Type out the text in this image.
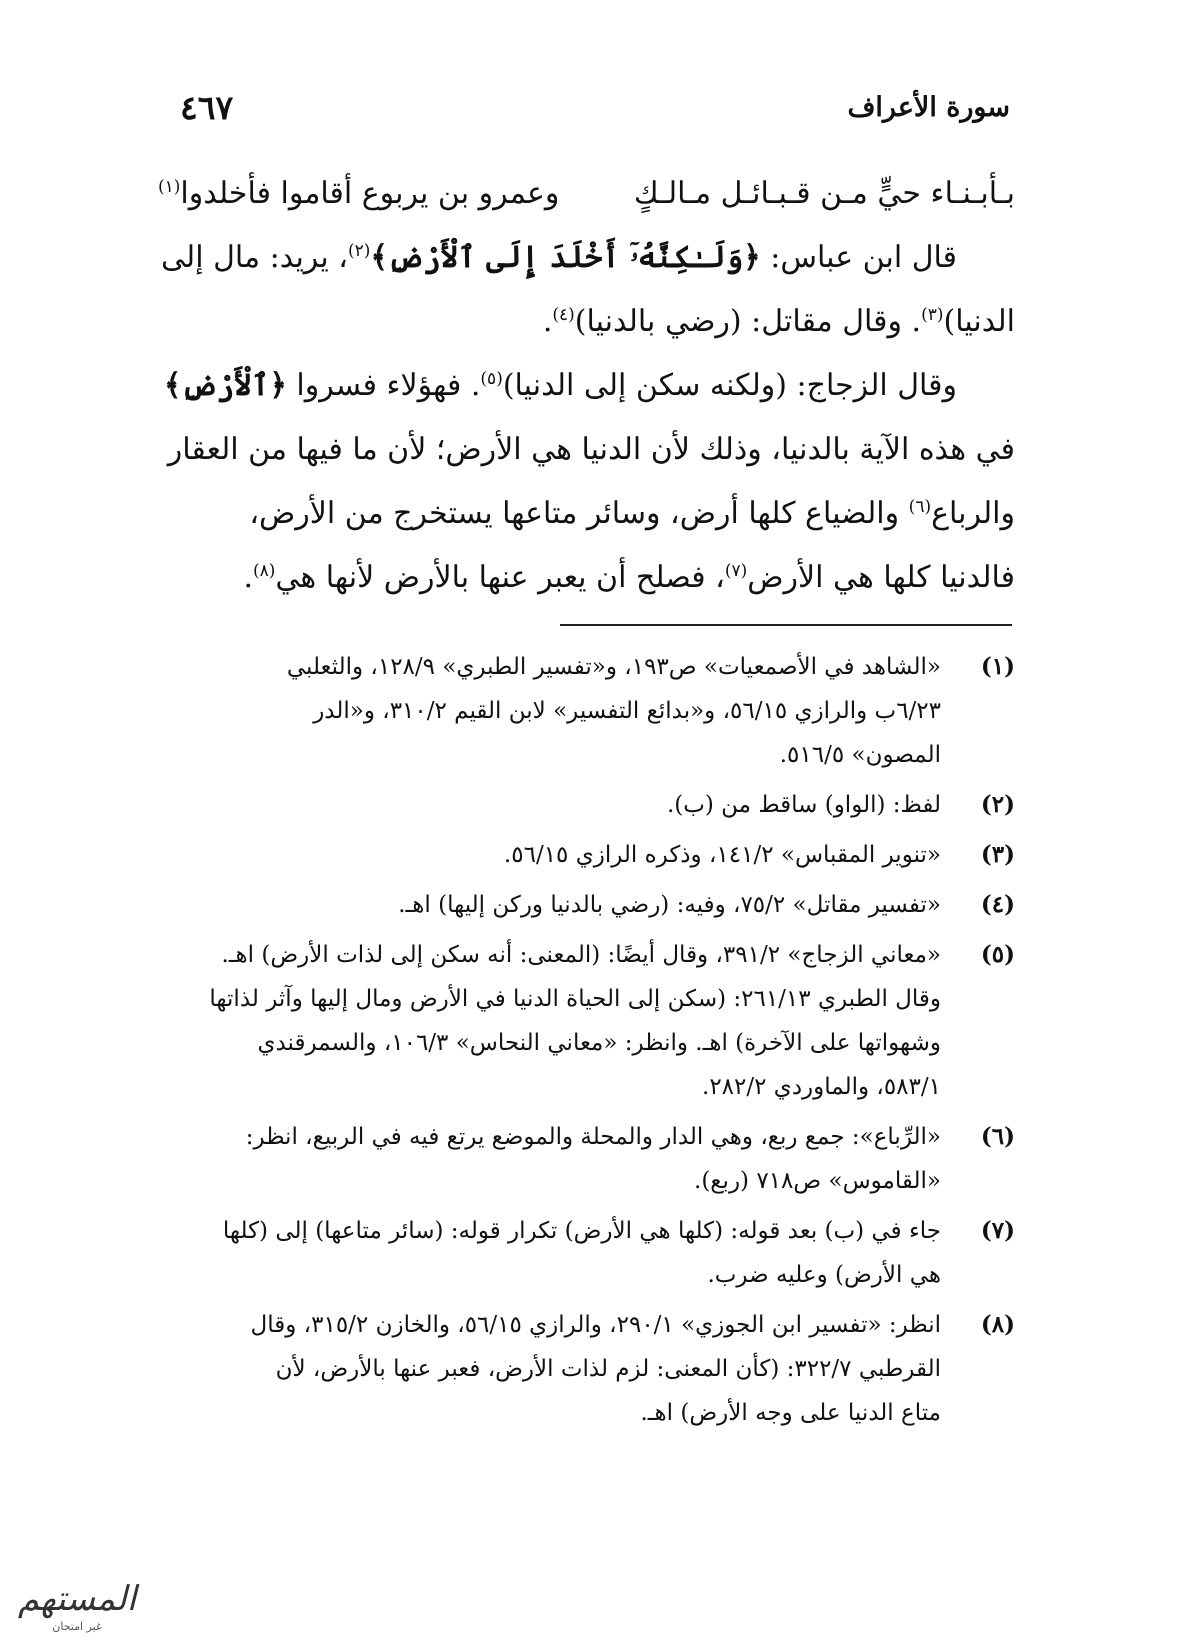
سورة الأعراف
٤٦٧
بـأبـنـاء حيٍّ مـن قـبـائـل مـالـكٍ
وعمرو بن يربوع أقاموا فأخلدوا$^{(١)}$
قال ابن عباس: ﴿وَلَـٰكِنَّهُۥٓ أَخْلَدَ إِلَى ٱلْأَرْضِ﴾$^{(٢)}$، يريد: مال إلى
الدنيا)$^{(٣)}$. وقال مقاتل: (رضي بالدنيا)$^{(٤)}$.
وقال الزجاج: (ولكنه سكن إلى الدنيا)$^{(٥)}$. فهؤلاء فسروا ﴿ٱلْأَرْضِ﴾
في هذه الآية بالدنيا، وذلك لأن الدنيا هي الأرض؛ لأن ما فيها من العقار
والرباع$^{(٦)}$ والضياع كلها أرض، وسائر متاعها يستخرج من الأرض،
فالدنيا كلها هي الأرض$^{(٧)}$، فصلح أن يعبر عنها بالأرض لأنها هي$^{(٨)}$.
(١)
«الشاهد في الأصمعيات» ص١٩٣، و«تفسير الطبري» ١٢٨/٩، والثعلبي
٦/٢٣ب والرازي ٥٦/١٥، و«بدائع التفسير» لابن القيم ٣١٠/٢، و«الدر
المصون» ٥١٦/٥.
(٢)
لفظ: (الواو) ساقط من (ب).
(٣)
«تنوير المقباس» ١٤١/٢، وذكره الرازي ٥٦/١٥.
(٤)
«تفسير مقاتل» ٧٥/٢، وفيه: (رضي بالدنيا وركن إليها) اهـ.
(٥)
«معاني الزجاج» ٣٩١/٢، وقال أيضًا: (المعنى: أنه سكن إلى لذات الأرض) اهـ.
وقال الطبري ٢٦١/١٣: (سكن إلى الحياة الدنيا في الأرض ومال إليها وآثر لذاتها
وشهواتها على الآخرة) اهـ. وانظر: «معاني النحاس» ١٠٦/٣، والسمرقندي
٥٨٣/١، والماوردي ٢٨٢/٢.
(٦)
«الرِّباع»: جمع ربع، وهي الدار والمحلة والموضع يرتع فيه في الربيع، انظر:
«القاموس» ص٧١٨ (ربع).
(٧)
جاء في (ب) بعد قوله: (كلها هي الأرض) تكرار قوله: (سائر متاعها) إلى (كلها
هي الأرض) وعليه ضرب.
(٨)
انظر: «تفسير ابن الجوزي» ٢٩٠/١، والرازي ٥٦/١٥، والخازن ٣١٥/٢، وقال
القرطبي ٣٢٢/٧: (كأن المعنى: لزم لذات الأرض، فعبر عنها بالأرض، لأن
متاع الدنيا على وجه الأرض) اهـ.
المستهم
غير امتحان
